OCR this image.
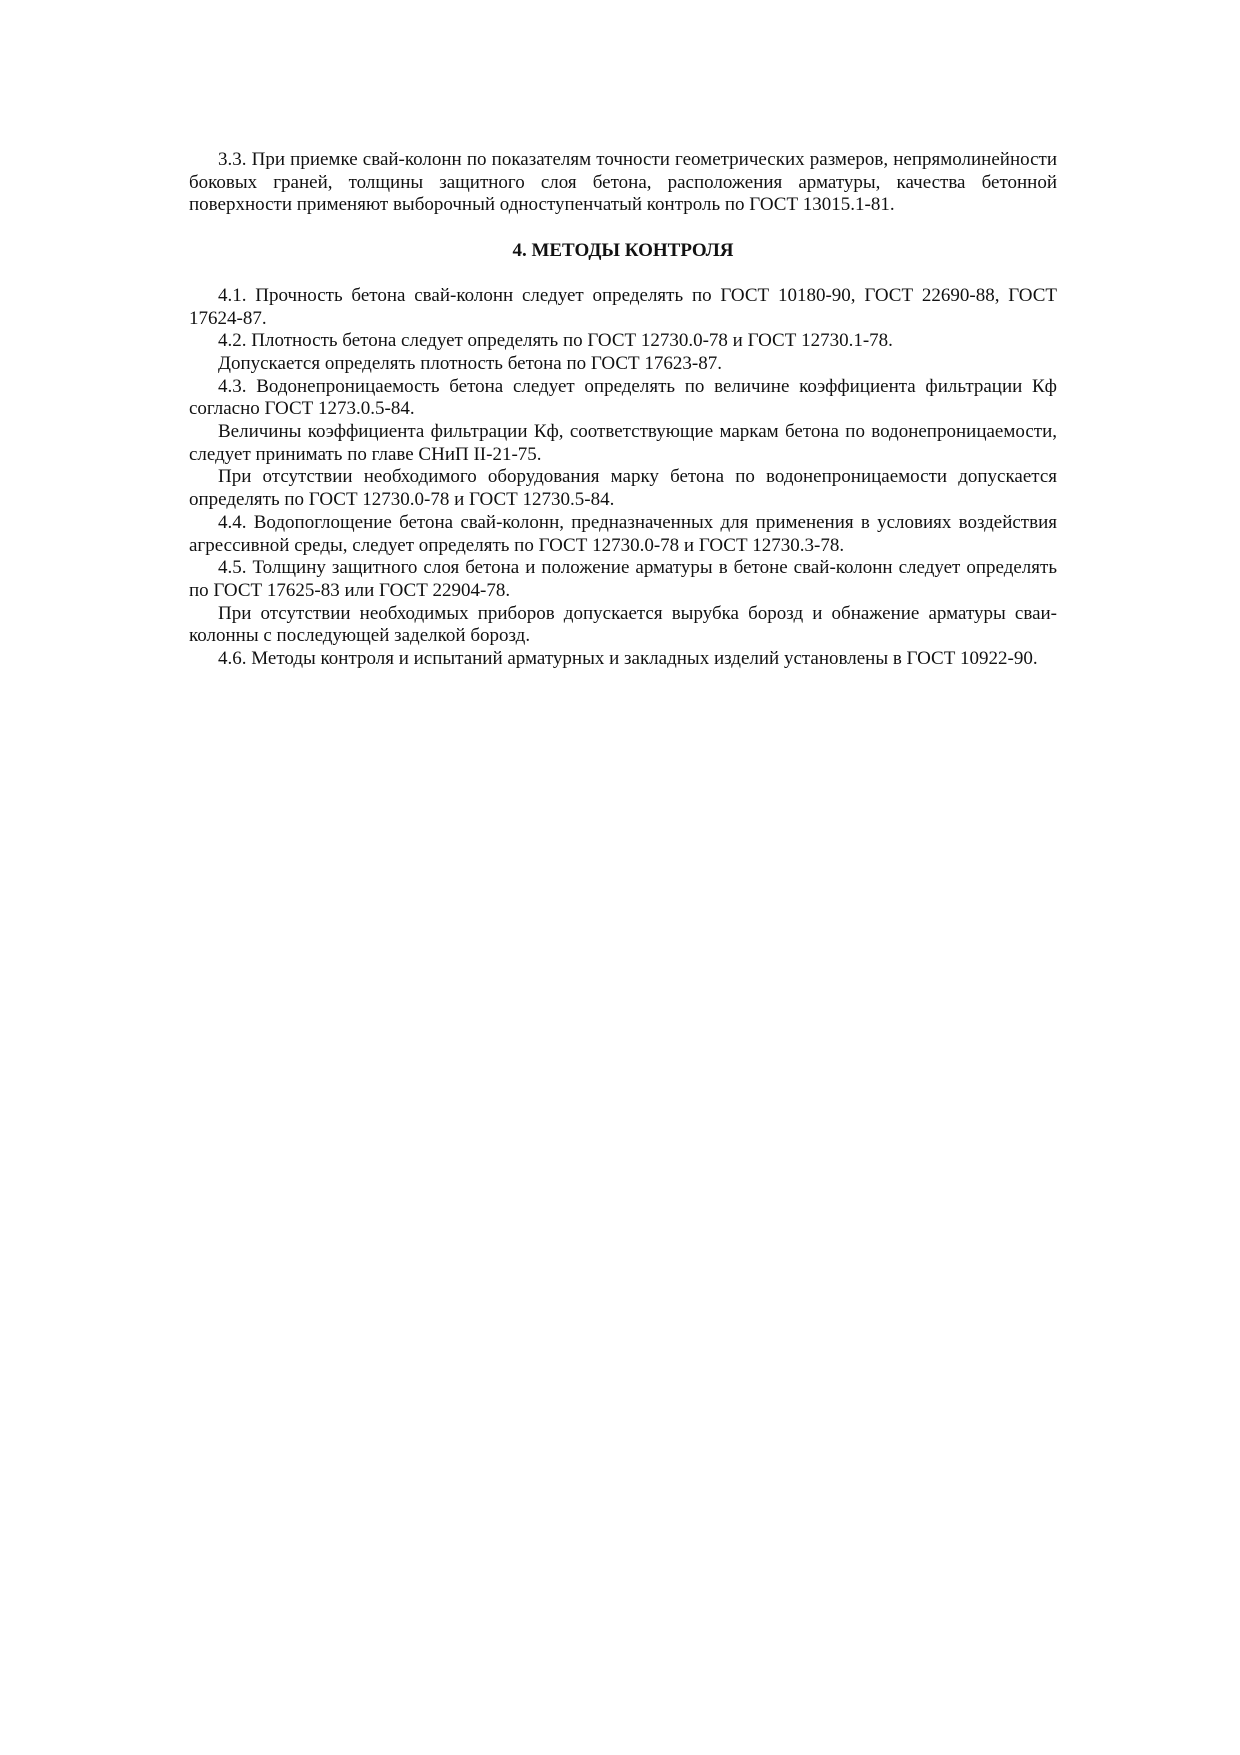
3.3. При приемке свай-колонн по показателям точности геометрических размеров, непрямолинейности боковых граней, толщины защитного слоя бетона, расположения арматуры, качества бетонной поверхности применяют выборочный одноступенчатый контроль по ГОСТ 13015.1-81.

4. МЕТОДЫ КОНТРОЛЯ

4.1. Прочность бетона свай-колонн следует определять по ГОСТ 10180-90, ГОСТ 22690-88, ГОСТ 17624-87.

4.2. Плотность бетона следует определять по ГОСТ 12730.0-78 и ГОСТ 12730.1-78.

Допускается определять плотность бетона по ГОСТ 17623-87.

4.3. Водонепроницаемость бетона следует определять по величине коэффициента фильтрации Кф согласно ГОСТ 1273.0.5-84.

Величины коэффициента фильтрации Кф, соответствующие маркам бетона по водонепроницаемости, следует принимать по главе СНиП II-21-75.

При отсутствии необходимого оборудования марку бетона по водонепроницаемости допускается определять по ГОСТ 12730.0-78 и ГОСТ 12730.5-84.

4.4. Водопоглощение бетона свай-колонн, предназначенных для применения в условиях воздействия агрессивной среды, следует определять по ГОСТ 12730.0-78 и ГОСТ 12730.3-78.

4.5. Толщину защитного слоя бетона и положение арматуры в бетоне свай-колонн следует определять по ГОСТ 17625-83 или ГОСТ 22904-78.

При отсутствии необходимых приборов допускается вырубка борозд и обнажение арматуры сваи-колонны с последующей заделкой борозд.

4.6. Методы контроля и испытаний арматурных и закладных изделий установлены в ГОСТ 10922-90.
